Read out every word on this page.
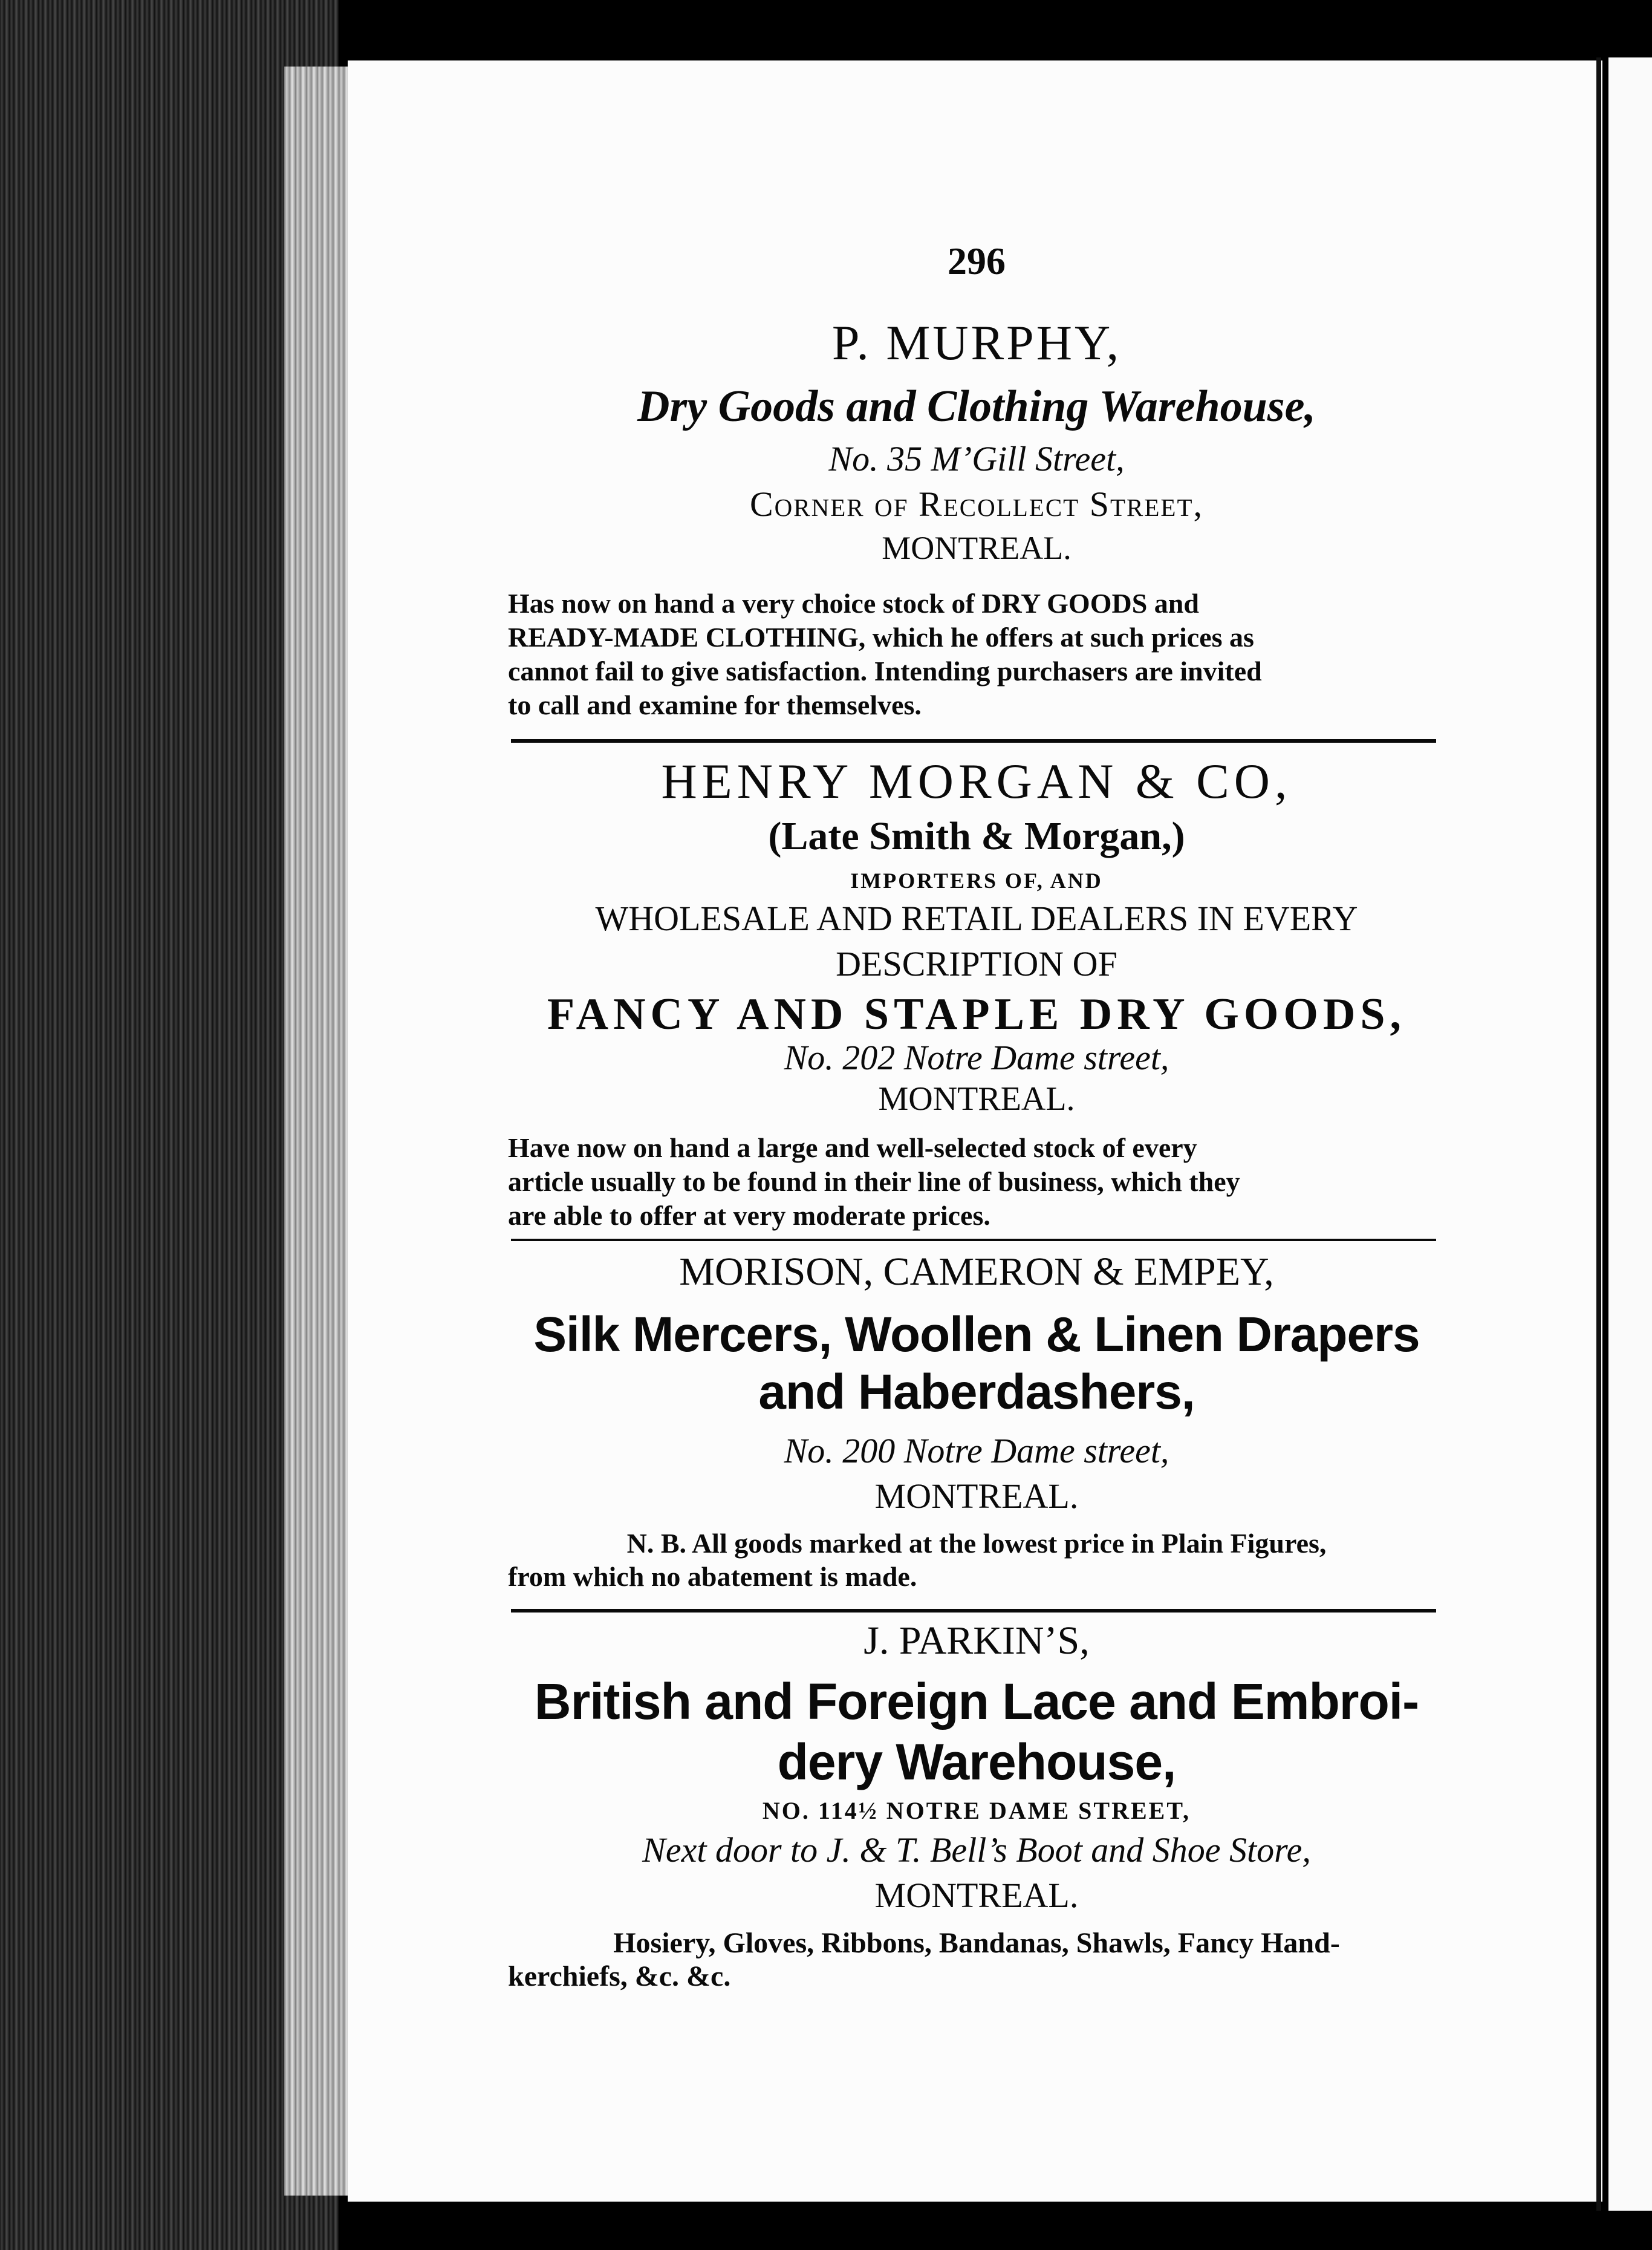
296
P. MURPHY,
Dry Goods and Clothing Warehouse,
No. 35 M’Gill Street,
Corner of Recollect Street,
MONTREAL.
Has now on hand a very choice stock of DRY GOODS and
READY-MADE CLOTHING, which he offers at such prices as
cannot fail to give satisfaction. Intending purchasers are invited
to call and examine for themselves.
HENRY MORGAN & CO,
(Late Smith & Morgan,)
IMPORTERS OF, AND
WHOLESALE AND RETAIL DEALERS IN EVERY
DESCRIPTION OF
FANCY AND STAPLE DRY GOODS,
No. 202 Notre Dame street,
MONTREAL.
Have now on hand a large and well-selected stock of every
article usually to be found in their line of business, which they
are able to offer at very moderate prices.
MORISON, CAMERON & EMPEY,
Silk Mercers, Woollen & Linen Drapers
and Haberdashers,
No. 200 Notre Dame street,
MONTREAL.
N. B. All goods marked at the lowest price in Plain Figures,
from which no abatement is made.
J. PARKIN’S,
British and Foreign Lace and Embroi-
dery Warehouse,
NO. 114½ NOTRE DAME STREET,
Next door to J. & T. Bell’s Boot and Shoe Store,
MONTREAL.
Hosiery, Gloves, Ribbons, Bandanas, Shawls, Fancy Hand-
kerchiefs, &c. &c.
